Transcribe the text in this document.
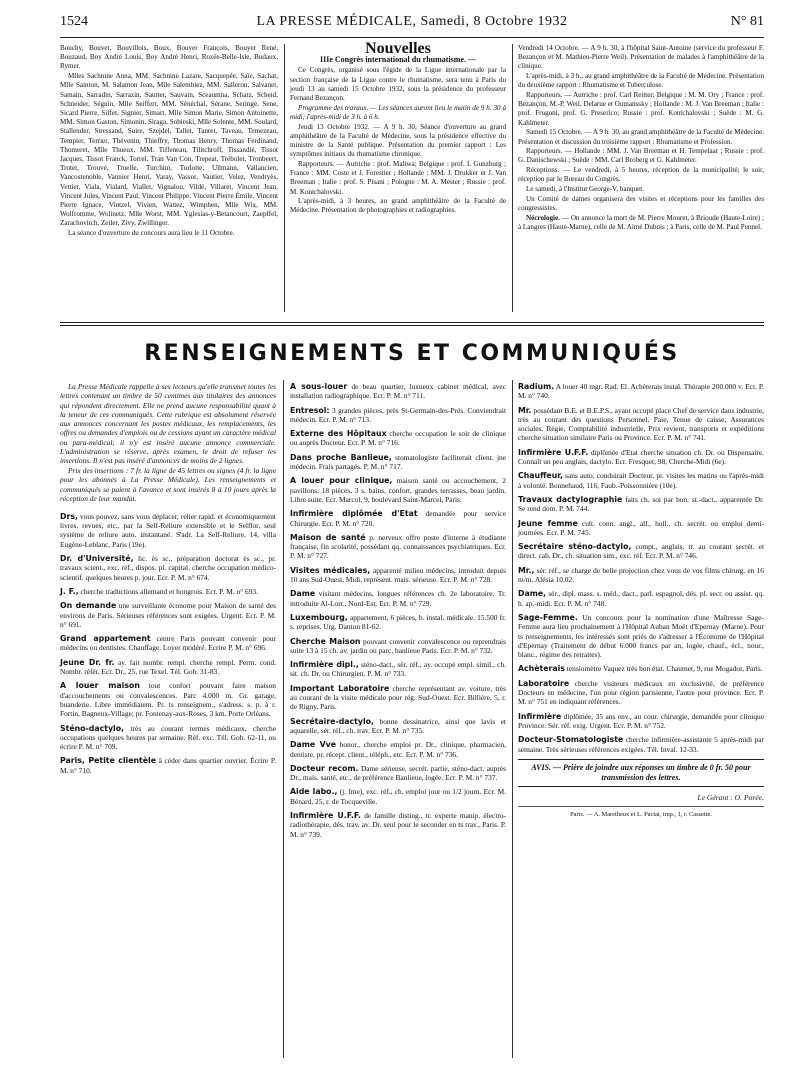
1524	LA PRESSE MÉDICALE, Samedi, 8 Octobre 1932	N° 81

Bouchy, Bouvet, Bouvillois, Boux, Bouyer François, Bouyer René, Bouzaud, Boy André Louis, Boy André Henri, Rozée-Belle-Isle, Budaux, Rymer.

Mlles Sachnine Anna, MM. Sachnine Lazare, Sacquepée, Saïe, Sachat, Mlle Sainton, M. Salamon Jean, Mlle Salembiez, MM. Salleron, Salvanet, Samain, Sarradin, Sarrazin, Sautter, Sauvain, Sceaumna, Schatz, Scheid, Schneider, Séguin, Mlle Seiffert, MM. Sénéchal, Sérane, Seringe, Sene, Sicard Pierre, Siffet, Signier, Simart, Mlle Simon Marie, Simon Antoinette, MM. Simon Gaston, Simonin, Siraga, Sobieski, Mlle Solente, MM. Soulard, Stallender, Stressand, Suire, Szejdel, Tallet, Tanret, Taveau, Temezeau, Tempier, Terrier, Thévenin, Thieffry, Thomas Henry, Thomas Ferdinand, Thomeret, Mlle Thueux, MM. Tiffeneau, Tilitchroff, Tissandié, Tissot Jacques, Tissot Franck, Torrel, Tran Van Con, Trepeat, Trébolet, Tronbeert, Trotet, Trouvé, Truelle, Turchini, Turlotte, Ullmann, Vallancien, Vancostenoble, Vannier Henri, Varay, Vassor, Vautier, Velez, Vendryès, Vettier, Viala, Vialard, Viallet, Vignalou, Vildé, Villaret, Vincent Jean, Vincent Jules, Vincent Paul, Vincent Philippe, Vincent Pierre Émile, Vincent Pierre Ignace, Vintzel, Vivien, Wattez, Wimphen, Mlle Wix, MM. Wolfromme, Wolinetz, Mlle Worst, MM. Yglesias-y-Betancourt, Zaepffel, Zarachovitch, Zeiler, Zivy, Zwillinger.

La séance d'ouverture du concours aura lieu le 11 Octobre.

Nouvelles
IIIe Congrès international du rhumatisme. —

Ce Congrès, organisé sous l'égide de la Ligue internationale par la section française de la Ligue contre le rhumatisme, sera tenu à Paris du jeudi 13 au samedi 15 Octobre 1932, sous la présidence du professeur Fernand Bezançon.

Programme des travaux. — Les séances auront lieu le matin de 9 h. 30 à midi; l'après-midi de 3 h. à 6 h.

Jeudi 13 Octobre 1932. — A 9 h. 30, Séance d'ouverture au grand amphithéâtre de la Faculté de Médecine, sous la présidence effective du ministre de la Santé publique. Présentation du premier rapport : Les symptômes initiaux du rhumatisme chronique.

Rapporteurs. — Autriche : prof. Maliwa; Belgique : prof. I. Gunzburg ; France : MM. Coste et J. Forestier ; Hollande : MM. J. Drukker et J. Van Breeman ; Italie : prof. S. Pisani ; Pologne : M. A. Mester ; Russie : prof. M. Kontchalovski.

L'après-midi, à 3 heures, au grand amphithéâtre de la Faculté de Médecine. Présentation de photographies et radiographies.

Vendredi 14 Octobre. — A 9 h. 30, à l'hôpital Saint-Antoine (service du professeur F. Bezançon et M. Mathieu-Pierre Weil). Présentation de malades à l'amphithéâtre de la clinique.

L'après-midi, à 3 h., au grand amphithéâtre de la Faculté de Médecine. Présentation du deuxième rapport : Rhumatisme et Tuberculose.

Rapporteurs. — Autriche : prof. Carl Reitter; Belgique : M. M. Ory ; France : prof. Bezançon, M.-P. Weil, Delarue et Oumanssky ; Hollande : M. J. Van Breeman ; Italie : prof. Frugoni, prof. G. Preserico; Russie : prof. Kontchalovski ; Suède : M. G. Kahlmeter.

Samedi 15 Octobre. — A 9 h. 30, au grand amphithéâtre de la Faculté de Médecine. Présentation et discussion du troisième rapport : Rhumatisme et Profession.

Rapporteurs. — Hollande : MM. J. Van Breeman et H. Tempelaar ; Russie : prof. G. Danischewski ; Suède : MM. Carl Broberg et G. Kahlmeter.

Réceptions. — Le vendredi, à 5 heures, réception de la municipalité; le soir, réception par le Bureau du Congrès.

Le samedi, à l'Institut George-V, banquet.

Un Comité de dames organisera des visites et réceptions pour les familles des congressistes.

Nécrologie. — On annonce la mort de M. Pierre Mouret, à Brioude (Haute-Loire) ; à Langres (Haute-Marne), celle de M. Aimé Dubois ; à Paris, celle de M. Paul Pennel.

RENSEIGNEMENTS ET COMMUNIQUÉS

La Presse Médicale rappelle à ses lecteurs qu'elle transmet toutes les lettres contenant un timbre de 50 centimes aux titulaires des annonces qui répondent directement. Elle ne prend aucune responsabilité quant à la teneur de ces communiqués. Cette rubrique est absolument réservée aux annonces concernant les postes médicaux, les remplacements, les offres ou demandes d'emplois ou de cessions ayant un caractère médical ou para-médical; il n'y est inséré aucune annonce commerciale. L'administration se réserve, après examen, le droit de refuser les insertions. Il n'est pas inséré d'annonces de moins de 2 lignes.

Prix des insertions : 7 fr. la ligne de 45 lettres ou signes (4 fr. la ligne pour les abonnés à La Presse Médicale). Les renseignements et communiqués se paient à l'avance et sont insérés 8 à 10 jours après la réception de leur mandat.

Drs, vous pouvez, sans vous déplacer, relier rapid. et économiquement livres, revues, etc., par la Self-Reliure extensible et le Selflor, seul système de reliure auto. instantané. S'adr. La Self-Reliure, 14, villa Eugène-Leblanc, Paris (19e).

Dr. d'Université, lic. ès sc., préparation doctorat ès sc., pr. travaux scient., exc. réf., dispos. pl. capital, cherche occupation médico-scientif. quelques heures p. jour. Ecr. P. M. n° 674.

J. F., cherche traductions allemand et hongrois. Ecr. P. M. n° 693.

On demande une surveillante économe pour Maison de santé des environs de Paris. Sérieuses références sont exigées. Urgent. Ecr. P. M. n° 691.

Grand appartement centre Paris pouvant convenir pour médecins ou dentistes. Chauffage. Loyer modéré. Ecrire P. M. n° 696.

Jeune Dr. fr. ay. fait nombr. rempl. cherche rempl. Perm. cond. Nombr. référ. Ecr. Dr., 25, rue Texel. Tél. Gob. 31-83.

A louer maison tout confort pouvant faire maison d'accouchements ou convalescences. Parc 4.000 m. Gr. garage, buanderie. Libre immédiatem. Pr. ts renseignem., s'adress. s. p. à r. Fortin, Bagneux-Village; pr. Fontenay-aux-Roses, 3 km. Porte Orléans.

Sténo-dactylo, très au courant termes médicaux, cherche occupations quelques heures par semaine. Réf. exc. Tél. Gob. 62-11, ou écrire P. M. n° 709.

Paris, Petite clientèle à céder dans quartier ouvrier. Écrire P. M. n° 710.

A sous-louer de beau quartier, luxueux cabinet médical, avec installation radiographique. Ecr. P. M. n° 711.

Entresol: 3 grandes pièces, près St-Germain-des-Prés. Conviendrait médecin. Ecr. P. M. n° 713.

Externe des Hôpitaux cherche occupation le soir de clinique ou auprès Docteur. Ecr. P. M. n° 716.

Dans proche Banlieue, stomatologiste faciliterait client. jne médecin. Frais partagés. P. M. n° 717.

A louer pour clinique, maison santé ou accouchement, 2 pavillons, 18 pièces, 3 s. bains, confort, grandes terrasses, beau jardin. Libre suite. Ecr. Marcol, 9, boulevard Saint-Marcel, Paris.

Infirmière diplômée d'Etat demandée pour service Chirurgie. Ecr. P. M. n° 720.

Maison de santé p. nerveux offre poste d'interne à étudiante française, fin scolarité, possédant qq. connaissances psychiatriques. Ecr. P. M. n° 727.

Visites médicales, apparenté milieu médecins, introduit depuis 10 ans Sud-Ouest, Midi, représent. mais. sérieuse. Ecr. P. M. n° 728.

Dame visitant médecins, longues références ch. 2e laboratoire. Tr. introduite Al-Lorr., Nord-Est. Ecr. P. M. n° 729.

Luxembourg, appartement, 6 pièces, b. instal. médicale. 15.500 fr. s. reprises. Urg. Danton 81-62.

Cherche Maison pouvant convenir convalescence ou reprendrais suite 13 à 15 ch. av. jardin ou parc, banlieue Paris. Ecr. P. M. n° 732.

Infirmière dipl., sténo-dact., sér. réf., ay. occupé empl. simil., ch. sit. ch. Dr. ou Chirurgien. P. M. n° 733.

Important Laboratoire cherche représentant av. voiture, très au courant de la visite médicale pour rég. Sud-Ouest. Ecr. Billière, 5, r. de Rigny, Paris.

Secrétaire-dactylo, bonne dessinatrice, ainsi que lavis et aquarelle, sér. réf., ch. trav. Ecr. P. M. n° 735.

Dame Vve honor., cherche emploi pr. Dr., clinique, pharmacien, dentiste, pr. récept. client., téléph., etc. Ecr. P. M. n° 736.

Docteur recom. Dame sérieuse, secrét. partie, sténo-dact. auprès Dr., mais. santé, etc., de préférence Banlieue, logée. Ecr. P. M. n° 737.

Aide labo., (j. fme), exc. réf., ch. emploi jour ou 1/2 journ. Ecr. M. Bénard, 25, r. de Tocqueville.

Infirmière U.F.F. de famille disting., tr. experte manip. électro-radiothérapie, dés. trav. av. Dr. seul pour le seconder en ts trav., Paris. P. M. n° 739.

Radium. A louer 40 mgr. Rad. El. Achèterais instal. Thérapie 200.000 v. Ecr. P. M. n° 740.

Mr. possédant B.E. et B.E.P.S., ayant occupé place Chef de service dans industrie, très au courant des questions Personnel, Paie, Tenue de caisse, Assurances sociales, Régie, Comptabilité industrielle, Prix revient, transports et expéditions cherche situation similaire Paris ou Province. Ecr. P. M. n° 741.

Infirmière U.F.F. diplômée d'Etat cherche situation ch. Dr. ou Dispensaire. Connaît un peu anglais, dactylo. Ecr. Fresquet, 98, Cherche-Midi (6e).

Chauffeur, sans auto, conduirait Docteur, pr. visites les matins ou l'après-midi à volonté. Bonnehaud, 116, Faub.-Poissonnière (10e).

Travaux dactylographie faits ch. soi par bon. st.-dact., apparentée Dr. Se rend dom. P. M. 744.

Jeune femme cult. conn. angl., all., holl., ch. secrét. ou emploi demi-journées. Ecr. P. M. 745.

Secrétaire sténo-dactylo, compt., anglais, tr. au courant secrét. et direct. cab. Dr., ch. situation sim., exc. réf. Ecr. P. M. n° 746.

Mr., sér. réf., se charge de belle projection chez vous de vos films chirurg. en 16 m/m. Alésia 10.02.

Dame, sér., dipl. mass. s. méd., dact., parl. espagnol, dés. pl. secr. ou assist. qq. h. ap.-midi. Ecr. P. M. n° 748.

Sage-Femme. Un concours pour la nomination d'une Maîtresse Sage-Femme aura lieu prochainement à l'Hôpital Auban Moët d'Epernay (Marne). Pour ts renseignements, les intéressés sont priés de s'adresser à l'Économe de l'Hôpital d'Epernay (Traitement de début 6.000 francs par an, logée, chauf., écl., nour., blanc., régime des retraites).

Achèterais tensiomètre Vaquez très bon état. Chaumet, 9, rue Mogador, Paris.

Laboratoire cherche visiteurs médicaux en exclusivité, de préférence Docteurs en médecine, l'un pour région parisienne, l'autre pour province. Ecr. P. M. n° 751 en indiquant références.

Infirmière diplômée, 35 ans env., au cour. chirurgie, demandée pour clinique Province. Sér. réf. exig. Urgent. Ecr. P. M. n° 752.

Docteur-Stomatologiste cherche infirmière-assistante 5 après-midi par semaine. Très sérieuses références exigées. Tél. Inval. 12-33.

AVIS. — Prière de joindre aux réponses un timbre de 0 fr. 50 pour transmission des lettres.
Le Gérant : O. Porée.
Paris. — A. Maretheux et L. Pactat, imp., 1, r. Cassette.
